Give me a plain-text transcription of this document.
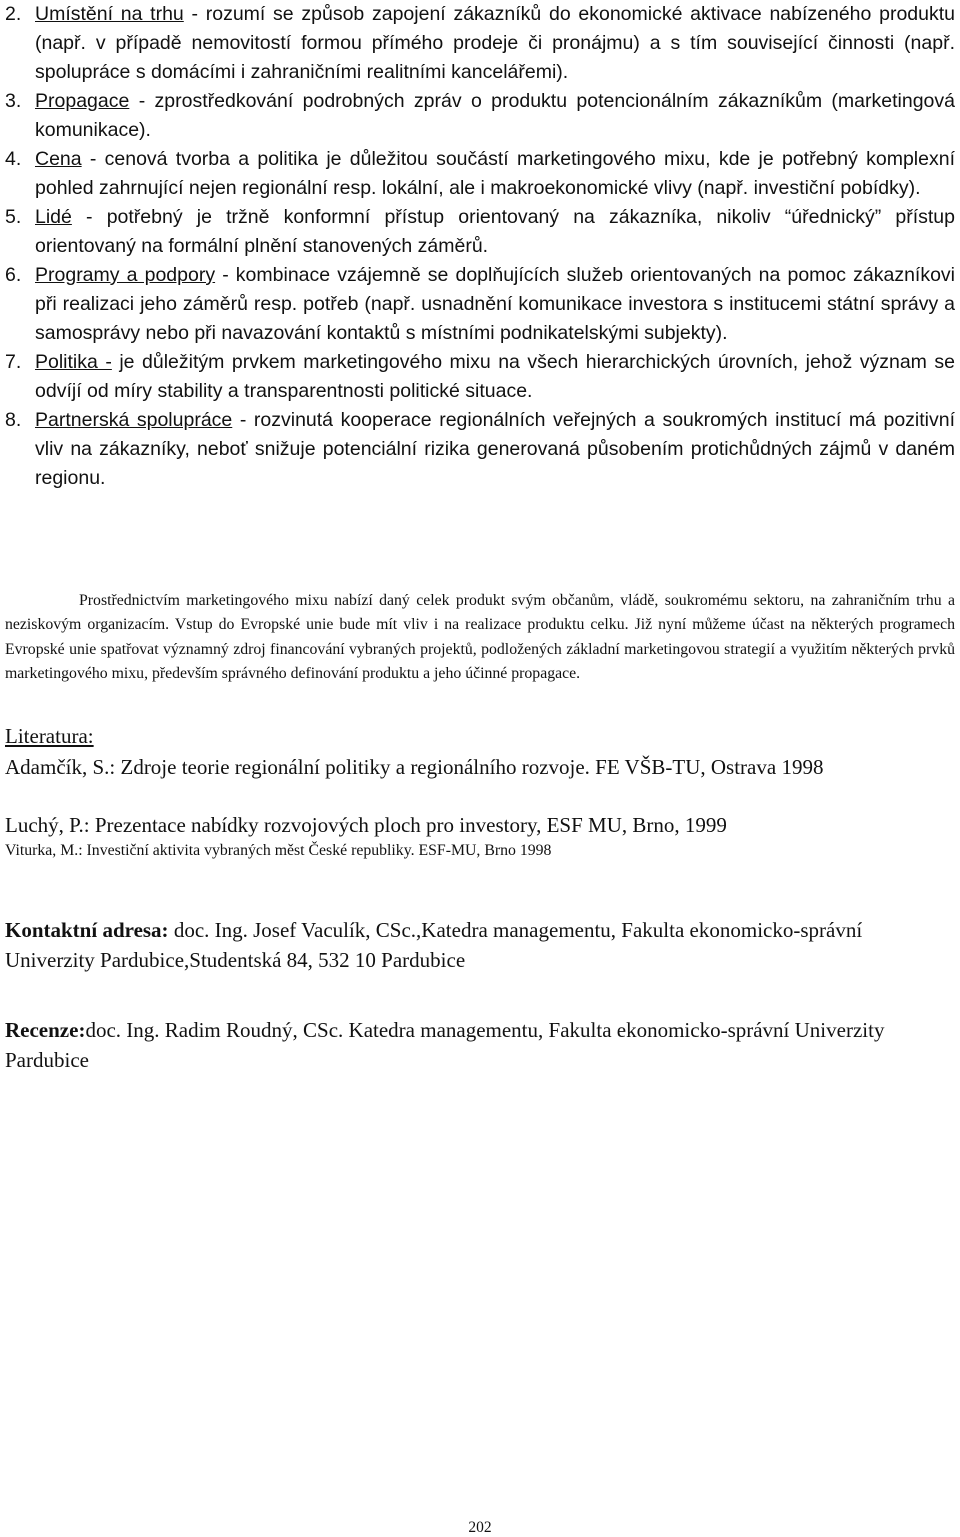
2. Umístění na trhu - rozumí se způsob zapojení zákazníků do ekonomické aktivace nabízeného produktu (např. v případě nemovitostí formou přímého prodeje či pronájmu) a s tím související činnosti (např. spolupráce s domácími i zahraničními realitními kancelářemi).
3. Propagace - zprostředkování podrobných zpráv o produktu potencionálním zákazníkům (marketingová komunikace).
4. Cena - cenová tvorba a politika je důležitou součástí marketingového mixu, kde je potřebný komplexní pohled zahrnující nejen regionální resp. lokální, ale i makroekonomické vlivy (např. investiční pobídky).
5. Lidé - potřebný je tržně konformní přístup orientovaný na zákazníka, nikoliv “úřednický” přístup orientovaný na formální plnění stanovených záměrů.
6. Programy a podpory - kombinace vzájemně se doplňujících služeb orientovaných na pomoc zákazníkovi při realizaci jeho záměrů resp. potřeb (např. usnadnění komunikace investora s institucemi státní správy a samosprávy nebo při navazování kontaktů s místními podnikatelskými subjekty).
7. Politika - je důležitým prvkem marketingového mixu na všech hierarchických úrovních, jehož význam se odvíjí od míry stability a transparentnosti politické situace.
8. Partnerská spolupráce - rozvinutá kooperace regionálních veřejných a soukromých institucí má pozitivní vliv na zákazníky, neboť snižuje potenciální rizika generovaná působením protichůdných zájmů v daném regionu.

Prostřednictvím marketingového mixu nabízí daný celek produkt svým občanům, vládě, soukromému sektoru, na zahraničním trhu a neziskovým organizacím. Vstup do Evropské unie bude mít vliv i na realizace produktu celku. Již nyní můžeme účast na některých programech Evropské unie spatřovat významný zdroj financování vybraných projektů, podložených základní marketingovou strategií a využitím některých prvků marketingového mixu, především správného definování produktu a jeho účinné propagace.

Literatura:

Adamčík, S.: Zdroje teorie regionální politiky a regionálního rozvoje. FE VŠB-TU, Ostrava 1998

Luchý, P.: Prezentace nabídky rozvojových ploch pro investory, ESF MU, Brno, 1999

Viturka, M.: Investiční aktivita vybraných měst České republiky. ESF-MU, Brno 1998

Kontaktní adresa: doc. Ing. Josef Vaculík, CSc.,Katedra managementu, Fakulta ekonomicko-správní Univerzity Pardubice,Studentská 84, 532 10 Pardubice

Recenze:doc. Ing. Radim Roudný, CSc. Katedra managementu, Fakulta ekonomicko-správní Univerzity Pardubice

202
